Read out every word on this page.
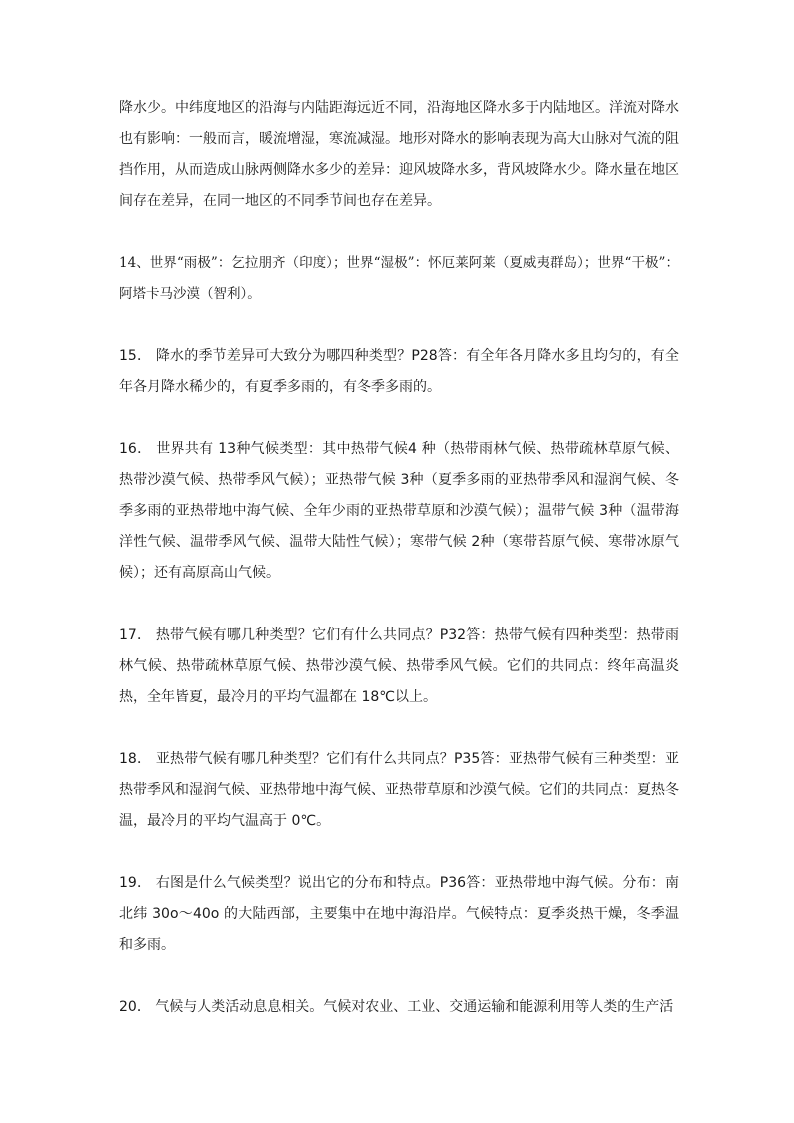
降水少。中纬度地区的沿海与内陆距海远近不同，沿海地区降水多于内陆地区。洋流对降水也有影响：一般而言，暖流增湿，寒流减湿。地形对降水的影响表现为高大山脉对气流的阻挡作用，从而造成山脉两侧降水多少的差异：迎风坡降水多，背风坡降水少。降水量在地区间存在差异，在同一地区的不同季节间也存在差异。

14、世界“雨极”：乞拉朋齐（印度）；世界“湿极”：怀厄莱阿莱（夏威夷群岛）；世界“干极”：阿塔卡马沙漠（智利）。

15． 降水的季节差异可大致分为哪四种类型？P28答：有全年各月降水多且均匀的，有全年各月降水稀少的，有夏季多雨的，有冬季多雨的。

16． 世界共有 13种气候类型：其中热带气候4 种（热带雨林气候、热带疏林草原气候、热带沙漠气候、热带季风气候）；亚热带气候 3种（夏季多雨的亚热带季风和湿润气候、冬季多雨的亚热带地中海气候、全年少雨的亚热带草原和沙漠气候）；温带气候 3种（温带海洋性气候、温带季风气候、温带大陆性气候）；寒带气候 2种（寒带苔原气候、寒带冰原气候）；还有高原高山气候。

17． 热带气候有哪几种类型？它们有什么共同点？P32答：热带气候有四种类型：热带雨林气候、热带疏林草原气候、热带沙漠气候、热带季风气候。它们的共同点：终年高温炎热，全年皆夏，最冷月的平均气温都在 18℃以上。

18． 亚热带气候有哪几种类型？它们有什么共同点？P35答：亚热带气候有三种类型：亚热带季风和湿润气候、亚热带地中海气候、亚热带草原和沙漠气候。它们的共同点：夏热冬温，最冷月的平均气温高于 0℃。

19． 右图是什么气候类型？说出它的分布和特点。P36答：亚热带地中海气候。分布：南北纬 30o～40o 的大陆西部，主要集中在地中海沿岸。气候特点：夏季炎热干燥，冬季温和多雨。

20． 气候与人类活动息息相关。气候对农业、工业、交通运输和能源利用等人类的生产活
